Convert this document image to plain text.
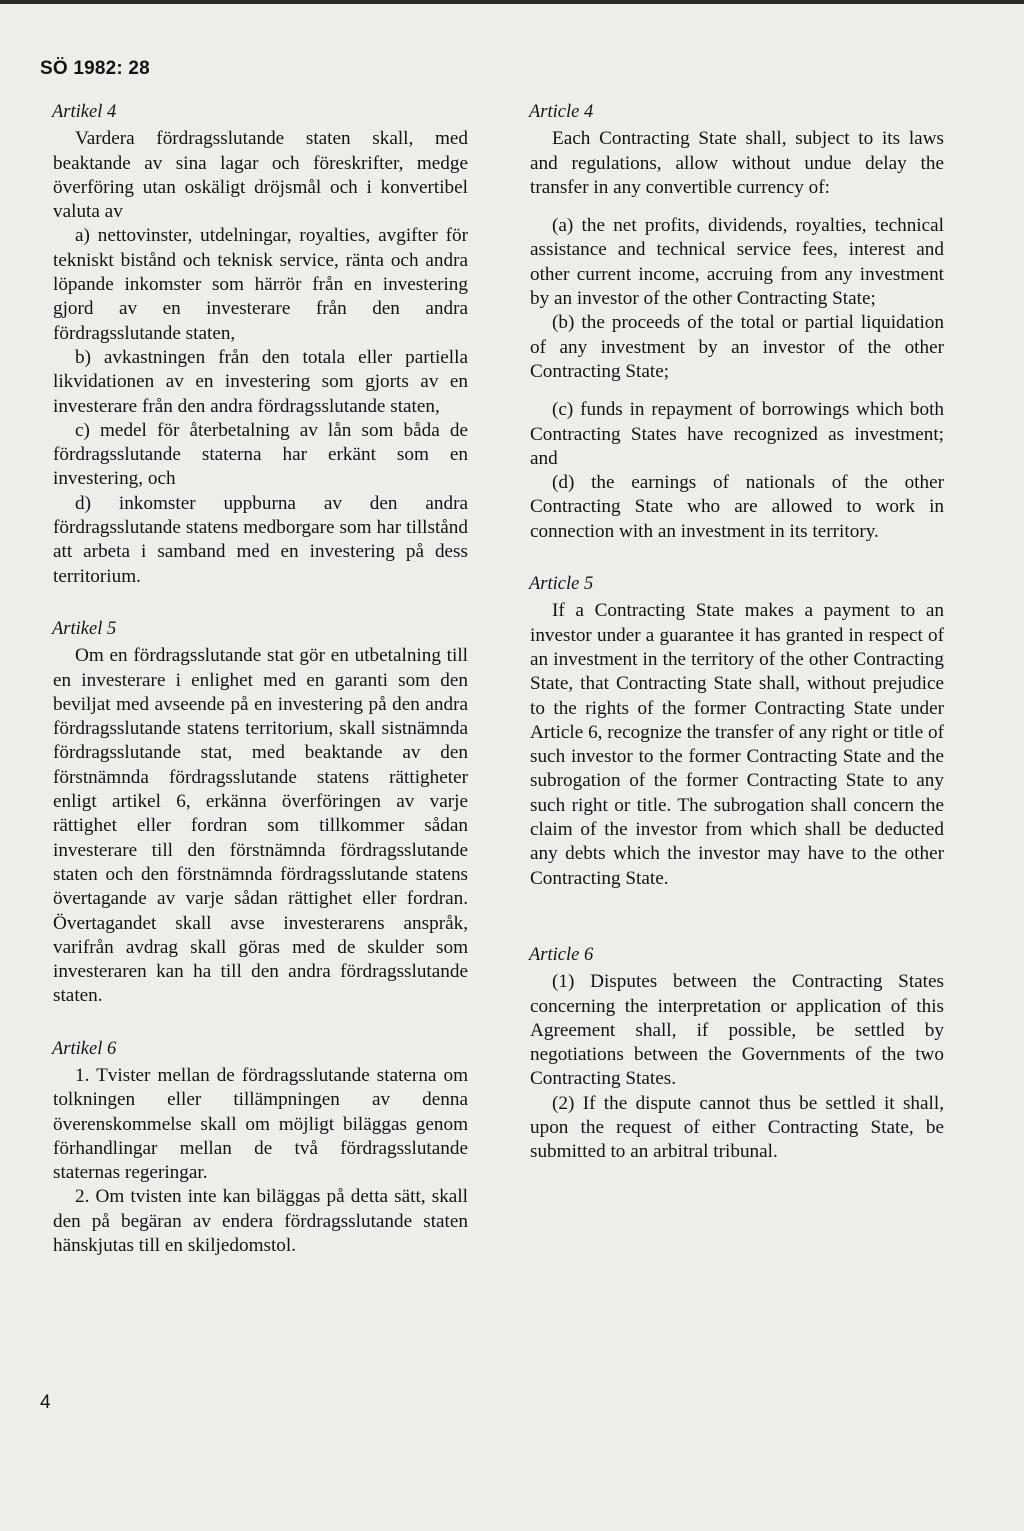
SÖ 1982: 28
Artikel 4

Vardera fördragsslutande staten skall, med beaktande av sina lagar och föreskrifter, medge överföring utan oskäligt dröjsmål och i konvertibel valuta av

a) nettovinster, utdelningar, royalties, avgifter för tekniskt bistånd och teknisk service, ränta och andra löpande inkomster som härrör från en investering gjord av en investerare från den andra fördragsslutande staten,

b) avkastningen från den totala eller partiella likvidationen av en investering som gjorts av en investerare från den andra fördragsslutande staten,

c) medel för återbetalning av lån som båda de fördragsslutande staterna har erkänt som en investering, och

d) inkomster uppburna av den andra fördragsslutande statens medborgare som har tillstånd att arbeta i samband med en investering på dess territorium.

Artikel 5

Om en fördragsslutande stat gör en utbetalning till en investerare i enlighet med en garanti som den beviljat med avseende på en investering på den andra fördragsslutande statens territorium, skall sistnämnda fördragsslutande stat, med beaktande av den förstnämnda fördragsslutande statens rättigheter enligt artikel 6, erkänna överföringen av varje rättighet eller fordran som tillkommer sådan investerare till den förstnämnda fördragsslutande staten och den förstnämnda fördragsslutande statens övertagande av varje sådan rättighet eller fordran. Övertagandet skall avse investerarens anspråk, varifrån avdrag skall göras med de skulder som investeraren kan ha till den andra fördragsslutande staten.

Artikel 6

1. Tvister mellan de fördragsslutande staterna om tolkningen eller tillämpningen av denna överenskommelse skall om möjligt biläggas genom förhandlingar mellan de två fördragsslutande staternas regeringar.

2. Om tvisten inte kan biläggas på detta sätt, skall den på begäran av endera fördragsslutande staten hänskjutas till en skiljedomstol.

Article 4

Each Contracting State shall, subject to its laws and regulations, allow without undue delay the transfer in any convertible currency of:

(a) the net profits, dividends, royalties, technical assistance and technical service fees, interest and other current income, accruing from any investment by an investor of the other Contracting State;

(b) the proceeds of the total or partial liquidation of any investment by an investor of the other Contracting State;

(c) funds in repayment of borrowings which both Contracting States have recognized as investment; and

(d) the earnings of nationals of the other Contracting State who are allowed to work in connection with an investment in its territory.

Article 5

If a Contracting State makes a payment to an investor under a guarantee it has granted in respect of an investment in the territory of the other Contracting State, that Contracting State shall, without prejudice to the rights of the former Contracting State under Article 6, recognize the transfer of any right or title of such investor to the former Contracting State and the subrogation of the former Contracting State to any such right or title. The subrogation shall concern the claim of the investor from which shall be deducted any debts which the investor may have to the other Contracting State.

Article 6

(1) Disputes between the Contracting States concerning the interpretation or application of this Agreement shall, if possible, be settled by negotiations between the Governments of the two Contracting States.

(2) If the dispute cannot thus be settled it shall, upon the request of either Contracting State, be submitted to an arbitral tribunal.

4
